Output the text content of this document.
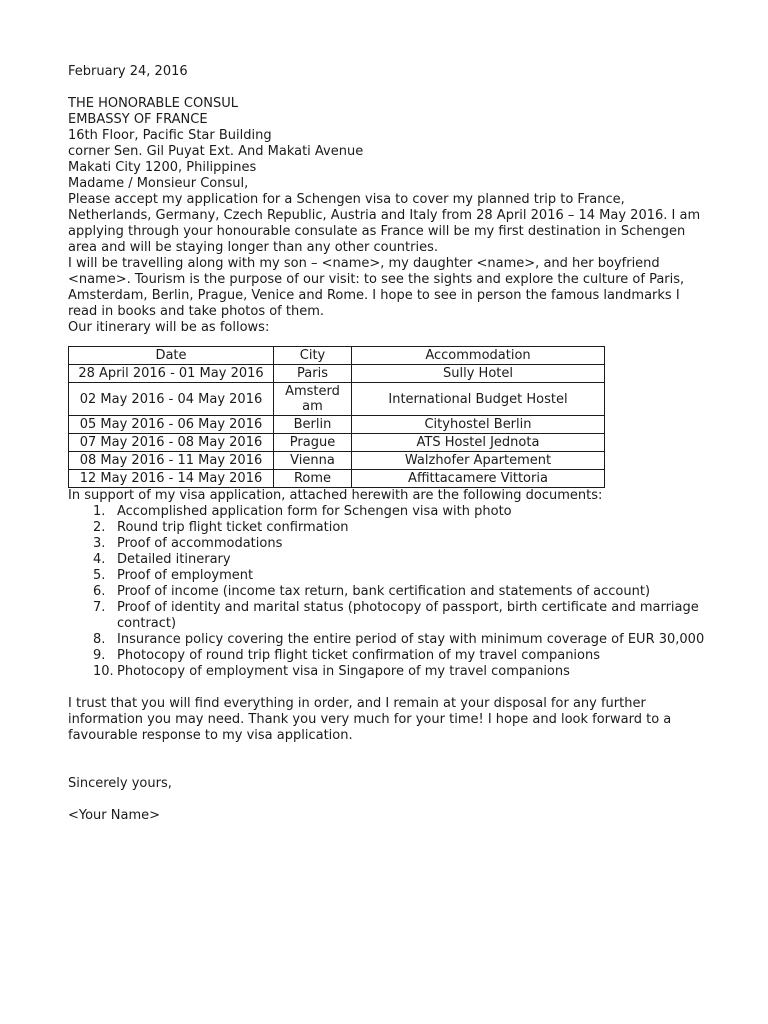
February 24, 2016
THE HONORABLE CONSUL
EMBASSY OF FRANCE
16th Floor, Pacific Star Building
corner Sen. Gil Puyat Ext. And Makati Avenue
Makati City 1200, Philippines

Madame / Monsieur Consul,

Please accept my application for a Schengen visa to cover my planned trip to France, Netherlands, Germany, Czech Republic, Austria and Italy from 28 April 2016 – 14 May 2016. I am applying through your honourable consulate as France will be my first destination in Schengen area and will be staying longer than any other countries.

I will be travelling along with my son – <name>, my daughter <name>, and her boyfriend <name>. Tourism is the purpose of our visit: to see the sights and explore the culture of Paris, Amsterdam, Berlin, Prague, Venice and Rome. I hope to see in person the famous landmarks I read in books and take photos of them.

Our itinerary will be as follows:

Date	City	Accommodation
28 April 2016 - 01 May 2016	Paris	Sully Hotel
02 May 2016 - 04 May 2016	Amsterdam	International Budget Hostel
05 May 2016 - 06 May 2016	Berlin	Cityhostel Berlin
07 May 2016 - 08 May 2016	Prague	ATS Hostel Jednota
08 May 2016 - 11 May 2016	Vienna	Walzhofer Apartement
12 May 2016 - 14 May 2016	Rome	Affittacamere Vittoria

In support of my visa application, attached herewith are the following documents:

1. Accomplished application form for Schengen visa with photo
2. Round trip flight ticket confirmation
3. Proof of accommodations
4. Detailed itinerary
5. Proof of employment
6. Proof of income (income tax return, bank certification and statements of account)
7. Proof of identity and marital status (photocopy of passport, birth certificate and marriage contract)
8. Insurance policy covering the entire period of stay with minimum coverage of EUR 30,000
9. Photocopy of round trip flight ticket confirmation of my travel companions
10. Photocopy of employment visa in Singapore of my travel companions

I trust that you will find everything in order, and I remain at your disposal for any further information you may need. Thank you very much for your time! I hope and look forward to a favourable response to my visa application.

Sincerely yours,

<Your Name>
